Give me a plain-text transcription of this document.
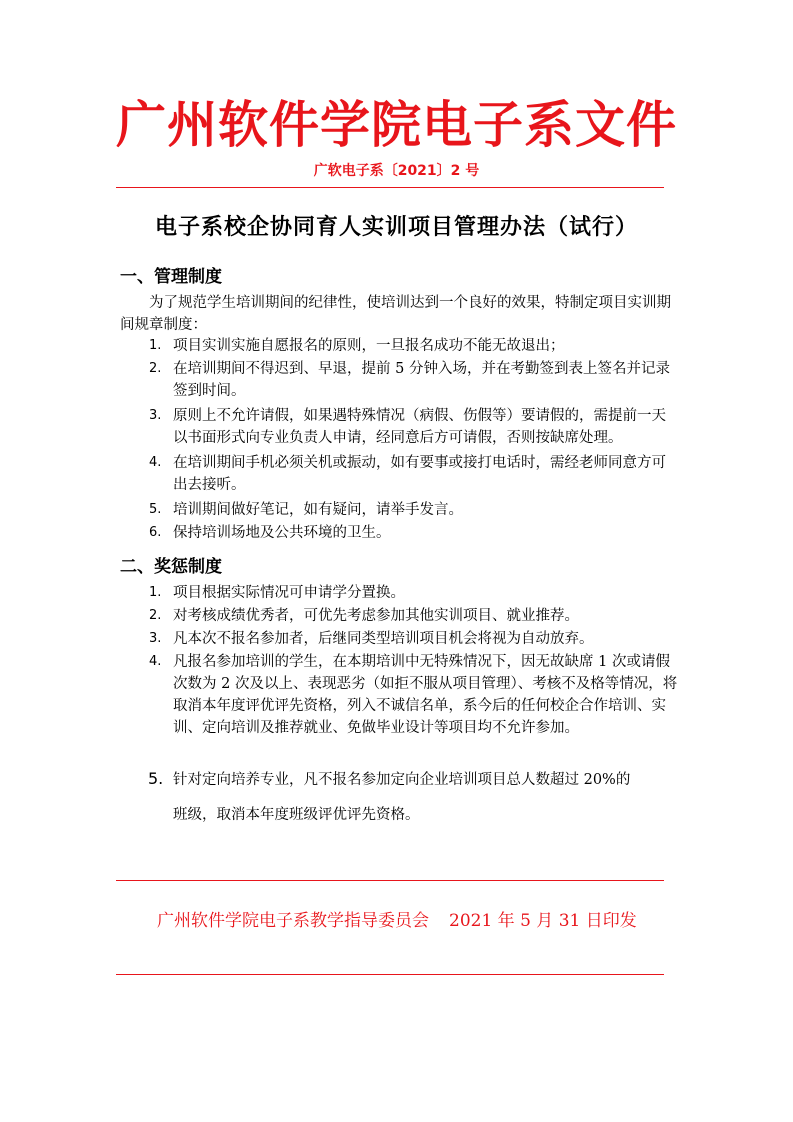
广州软件学院电子系文件
广软电子系〔2021〕2 号
电子系校企协同育人实训项目管理办法（试行）
一、管理制度
为了规范学生培训期间的纪律性，使培训达到一个良好的效果，特制定项目实训期间规章制度：
1. 项目实训实施自愿报名的原则，一旦报名成功不能无故退出；
2. 在培训期间不得迟到、早退，提前 5 分钟入场，并在考勤签到表上签名并记录签到时间。
3. 原则上不允许请假，如果遇特殊情况（病假、伤假等）要请假的，需提前一天以书面形式向专业负责人申请，经同意后方可请假，否则按缺席处理。
4. 在培训期间手机必须关机或振动，如有要事或接打电话时，需经老师同意方可出去接听。
5. 培训期间做好笔记，如有疑问，请举手发言。
6. 保持培训场地及公共环境的卫生。
二、奖惩制度
1. 项目根据实际情况可申请学分置换。
2. 对考核成绩优秀者，可优先考虑参加其他实训项目、就业推荐。
3. 凡本次不报名参加者，后继同类型培训项目机会将视为自动放弃。
4. 凡报名参加培训的学生，在本期培训中无特殊情况下，因无故缺席 1 次或请假次数为 2 次及以上、表现恶劣（如拒不服从项目管理）、考核不及格等情况，将取消本年度评优评先资格，列入不诚信名单，系今后的任何校企合作培训、实训、定向培训及推荐就业、免做毕业设计等项目均不允许参加。
5. 针对定向培养专业，凡不报名参加定向企业培训项目总人数超过 20%的
班级，取消本年度班级评优评先资格。
广州软件学院电子系教学指导委员会 2021 年 5 月 31 日印发
